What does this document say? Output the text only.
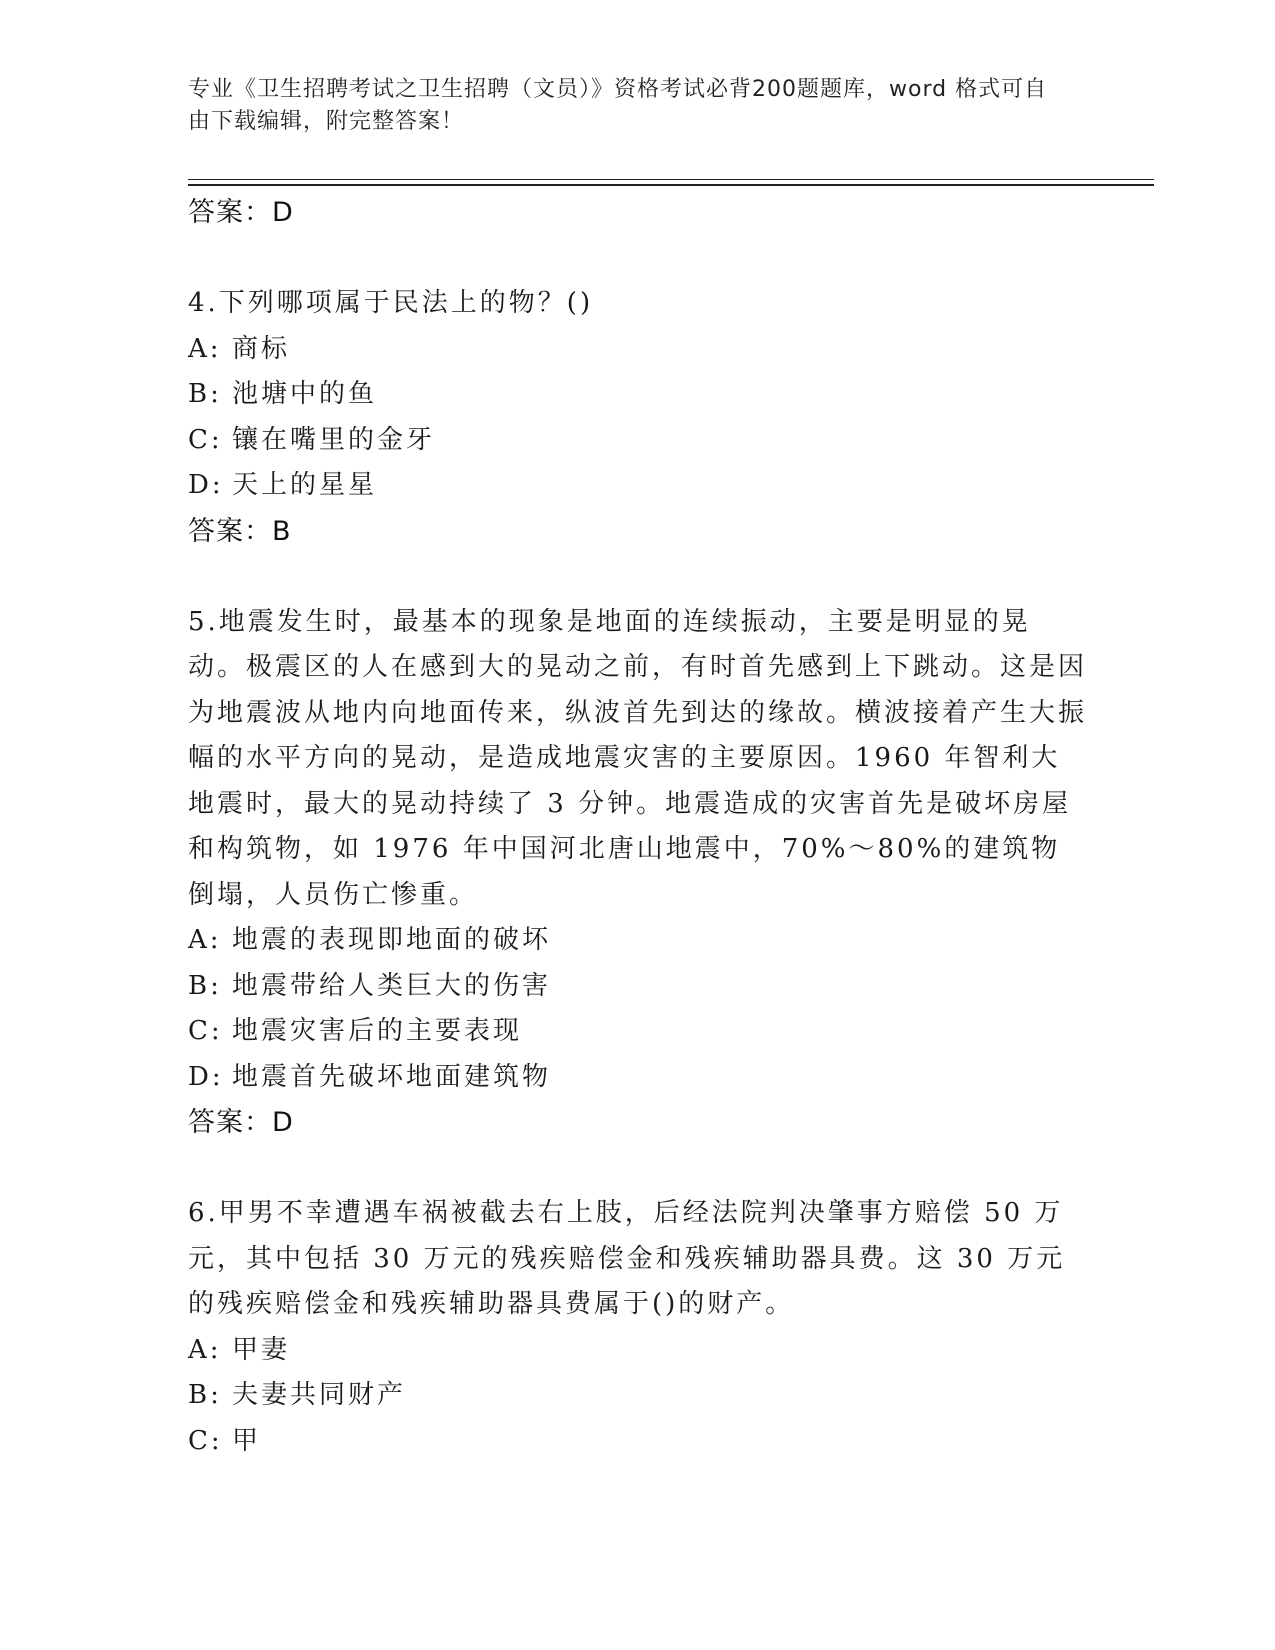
专业《卫生招聘考试之卫生招聘（文员）》资格考试必背200题题库，word 格式可自由下载编辑，附完整答案！

答案：D

4.下列哪项属于民法上的物？()

A: 商标
B: 池塘中的鱼
C: 镶在嘴里的金牙
D: 天上的星星

答案：B

5.地震发生时，最基本的现象是地面的连续振动，主要是明显的晃动。极震区的人在感到大的晃动之前，有时首先感到上下跳动。这是因为地震波从地内向地面传来，纵波首先到达的缘故。横波接着产生大振幅的水平方向的晃动，是造成地震灾害的主要原因。1960 年智利大地震时，最大的晃动持续了 3 分钟。地震造成的灾害首先是破坏房屋和构筑物，如 1976 年中国河北唐山地震中，70%～80%的建筑物倒塌，人员伤亡惨重。

A: 地震的表现即地面的破坏
B: 地震带给人类巨大的伤害
C: 地震灾害后的主要表现
D: 地震首先破坏地面建筑物

答案：D

6.甲男不幸遭遇车祸被截去右上肢，后经法院判决肇事方赔偿 50 万元，其中包括 30 万元的残疾赔偿金和残疾辅助器具费。这 30 万元的残疾赔偿金和残疾辅助器具费属于()的财产。

A: 甲妻
B: 夫妻共同财产
C: 甲
